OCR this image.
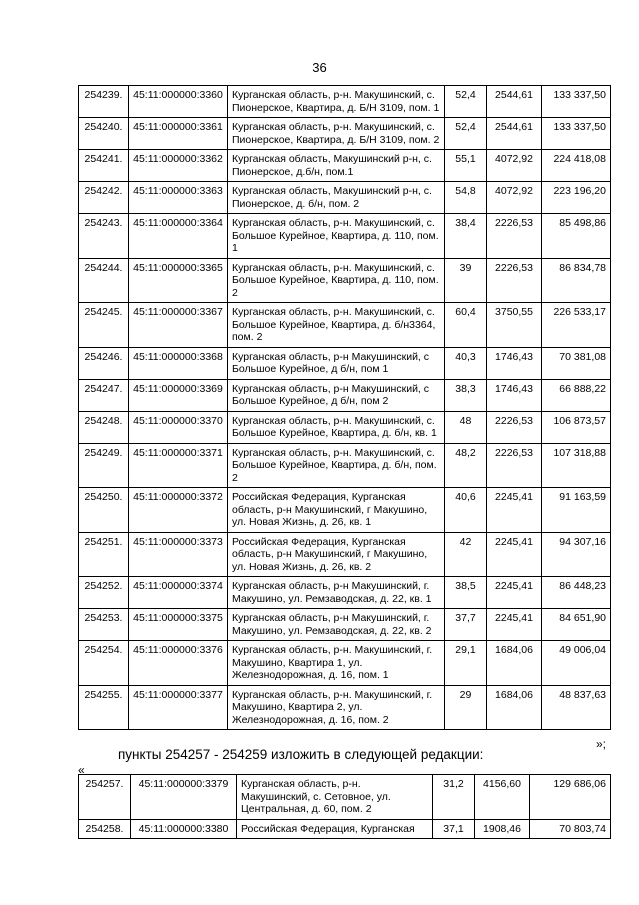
36
254239.	45:11:000000:3360	Курганская область, р-н. Макушинский, с. Пионерское, Квартира, д. Б/Н 3109, пом. 1	52,4	2544,61	133 337,50
254240.	45:11:000000:3361	Курганская область, р-н. Макушинский, с. Пионерское, Квартира, д. Б/Н 3109, пом. 2	52,4	2544,61	133 337,50
254241.	45:11:000000:3362	Курганская область, Макушинский р-н, с. Пионерское, д.б/н, пом.1	55,1	4072,92	224 418,08
254242.	45:11:000000:3363	Курганская область, Макушинский р-н, с. Пионерское, д. б/н, пом. 2	54,8	4072,92	223 196,20
254243.	45:11:000000:3364	Курганская область, р-н. Макушинский, с. Большое Курейное, Квартира, д. 110, пом. 1	38,4	2226,53	85 498,86
254244.	45:11:000000:3365	Курганская область, р-н. Макушинский, с. Большое Курейное, Квартира, д. 110, пом. 2	39	2226,53	86 834,78
254245.	45:11:000000:3367	Курганская область, р-н. Макушинский, с. Большое Курейное, Квартира, д. б/н3364, пом. 2	60,4	3750,55	226 533,17
254246.	45:11:000000:3368	Курганская область, р-н Макушинский, с Большое Курейное, д б/н, пом 1	40,3	1746,43	70 381,08
254247.	45:11:000000:3369	Курганская область, р-н Макушинский, с Большое Курейное, д б/н, пом 2	38,3	1746,43	66 888,22
254248.	45:11:000000:3370	Курганская область, р-н. Макушинский, с. Большое Курейное, Квартира, д. б/н, кв. 1	48	2226,53	106 873,57
254249.	45:11:000000:3371	Курганская область, р-н. Макушинский, с. Большое Курейное, Квартира, д. б/н, пом. 2	48,2	2226,53	107 318,88
254250.	45:11:000000:3372	Российская Федерация, Курганская область, р-н Макушинский, г Макушино, ул. Новая Жизнь, д. 26, кв. 1	40,6	2245,41	91 163,59
254251.	45:11:000000:3373	Российская Федерация, Курганская область, р-н Макушинский, г Макушино, ул. Новая Жизнь, д. 26, кв. 2	42	2245,41	94 307,16
254252.	45:11:000000:3374	Курганская область, р-н Макушинский, г. Макушино, ул. Ремзаводская, д. 22, кв. 1	38,5	2245,41	86 448,23
254253.	45:11:000000:3375	Курганская область, р-н Макушинский, г. Макушино, ул. Ремзаводская, д. 22, кв. 2	37,7	2245,41	84 651,90
254254.	45:11:000000:3376	Курганская область, р-н. Макушинский, г. Макушино, Квартира 1, ул. Железнодорожная, д. 16, пом. 1	29,1	1684,06	49 006,04
254255.	45:11:000000:3377	Курганская область, р-н. Макушинский, г. Макушино, Квартира 2, ул. Железнодорожная, д. 16, пом. 2	29	1684,06	48 837,63
»;
пункты 254257 - 254259 изложить в следующей редакции:
«
254257.	45:11:000000:3379	Курганская область, р-н. Макушинский, с. Сетовное, ул. Центральная, д. 60, пом. 2	31,2	4156,60	129 686,06
254258.	45:11:000000:3380	Российская Федерация, Курганская	37,1	1908,46	70 803,74
